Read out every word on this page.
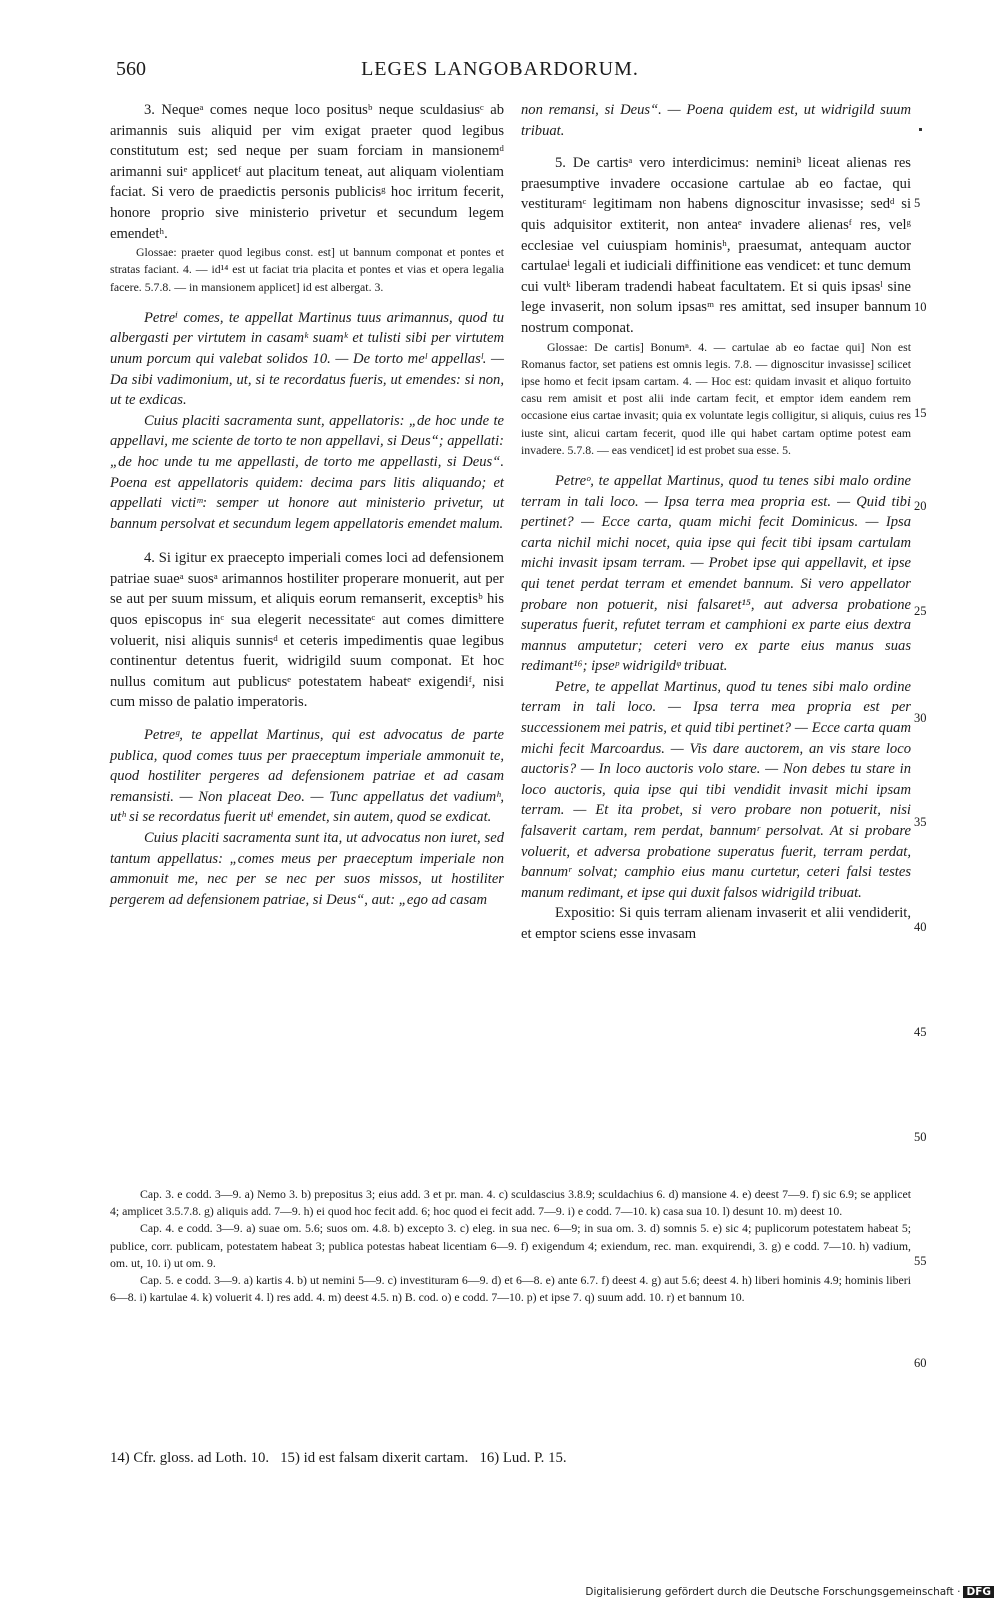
560	LEGES LANGOBARDORUM.

3. Nequeᵃ comes neque loco positusᵇ neque sculdasiusᶜ ab arimannis suis aliquid per vim exigat praeter quod legibus constitutum est; sed neque per suam forciam in mansionemᵈ arimanni suiᵉ applicetᶠ aut placitum teneat, aut aliquam violentiam faciat. Si vero de praedictis personis publicisᵍ hoc irritum fecerit, honore proprio sive ministerio privetur et secundum legem emendetʰ.

Glossae: praeter quod legibus const. est] ut bannum componat et pontes et stratas faciant. 4. — id¹⁴ est ut faciat tria placita et pontes et vias et opera legalia facere. 5.7.8. — in mansionem applicet] id est albergat. 3.

Petreⁱ comes, te appellat Martinus tuus arimannus, quod tu albergasti per virtutem in casamᵏ suamᵏ et tulisti sibi per virtutem unum porcum qui valebat solidos 10. — De torto meˡ appellasˡ. — Da sibi vadimonium, ut, si te recordatus fueris, ut emendes: si non, ut te exdicas.

Cuius placiti sacramenta sunt, appellatoris: „de hoc unde te appellavi, me sciente de torto te non appellavi, si Deus“; appellati: „de hoc unde tu me appellasti, de torto me appellasti, si Deus“. Poena est appellatoris quidem: decima pars litis aliquando; et appellati victiᵐ: semper ut honore aut ministerio privetur, ut bannum persolvat et secundum legem appellatoris emendet malum.

4. Si igitur ex praecepto imperiali comes loci ad defensionem patriae suaeᵃ suosᵃ arimannos hostiliter properare monuerit, aut per se aut per suum missum, et aliquis eorum remanserit, exceptisᵇ his quos episcopus inᶜ sua elegerit necessitateᶜ aut comes dimittere voluerit, nisi aliquis sunnisᵈ et ceteris impedimentis quae legibus continentur detentus fuerit, widrigild suum componat. Et hoc nullus comitum aut publicusᵉ potestatem habeatᵉ exigendiᶠ, nisi cum misso de palatio imperatoris.

Petreᵍ, te appellat Martinus, qui est advocatus de parte publica, quod comes tuus per praeceptum imperiale ammonuit te, quod hostiliter pergeres ad defensionem patriae et ad casam remansisti. — Non placeat Deo. — Tunc appellatus det vadiumʰ, utʰ si se recordatus fuerit utⁱ emendet, sin autem, quod se exdicat.

Cuius placiti sacramenta sunt ita, ut advocatus non iuret, sed tantum appellatus: „comes meus per praeceptum imperiale non ammonuit me, nec per se nec per suos missos, ut hostiliter pergerem ad defensionem patriae, si Deus“, aut: „ego ad casam

non remansi, si Deus“. — Poena quidem est, ut widrigild suum tribuat.

5. De cartisᵃ vero interdicimus: neminiᵇ liceat alienas res praesumptive invadere occasione cartulae ab eo factae, qui vestituramᶜ legitimam non habens dignoscitur invasisse; sedᵈ si quis adquisitor extiterit, non anteaᵉ invadere alienasᶠ res, velᵍ ecclesiae vel cuiuspiam hominisʰ, praesumat, antequam auctor cartulaeⁱ legali et iudiciali diffinitione eas vendicet: et tunc demum cui vultᵏ liberam tradendi habeat facultatem. Et si quis ipsasˡ sine lege invaserit, non solum ipsasᵐ res amittat, sed insuper bannum nostrum componat.

Glossae: De cartis] Bonumⁿ. 4. — cartulae ab eo factae qui] Non est Romanus factor, set patiens est omnis legis. 7.8. — dignoscitur invasisse] scilicet ipse homo et fecit ipsam cartam. 4. — Hoc est: quidam invasit et aliquo fortuito casu rem amisit et post alii inde cartam fecit, et emptor idem eandem rem occasione eius cartae invasit; quia ex voluntate legis colligitur, si aliquis, cuius res iuste sint, alicui cartam fecerit, quod ille qui habet cartam optime potest eam invadere. 5.7.8. — eas vendicet] id est probet sua esse. 5.

Petreᵒ, te appellat Martinus, quod tu tenes sibi malo ordine terram in tali loco. — Ipsa terra mea propria est. — Quid tibi pertinet? — Ecce carta, quam michi fecit Dominicus. — Ipsa carta nichil michi nocet, quia ipse qui fecit tibi ipsam cartulam michi invasit ipsam terram. — Probet ipse qui appellavit, et ipse qui tenet perdat terram et emendet bannum. Si vero appellator probare non potuerit, nisi falsaret¹⁵, aut adversa probatione superatus fuerit, refutet terram et camphioni ex parte eius dextra mannus amputetur; ceteri vero ex parte eius manus suas redimant¹⁶; ipseᵖ widrigildᵠ tribuat.

Petre, te appellat Martinus, quod tu tenes sibi malo ordine terram in tali loco. — Ipsa terra mea propria est per successionem mei patris, et quid tibi pertinet? — Ecce carta quam michi fecit Marcoardus. — Vis dare auctorem, an vis stare loco auctoris? — In loco auctoris volo stare. — Non debes tu stare in loco auctoris, quia ipse qui tibi vendidit invasit michi ipsam terram. — Et ita probet, si vero probare non potuerit, nisi falsaverit cartam, rem perdat, bannumʳ persolvat. At si probare voluerit, et adversa probatione superatus fuerit, terram perdat, bannumʳ solvat; camphio eius manu curtetur, ceteri falsi testes manum redimant, et ipse qui duxit falsos widrigild tribuat.

Expositio: Si quis terram alienam invaserit et alii vendiderit, et emptor sciens esse invasam

5
10
15
20
25
30
35
40
45
50
55
60

Cap. 3. e codd. 3—9. a) Nemo 3. b) prepositus 3; eius add. 3 et pr. man. 4. c) sculdascius 3.8.9; sculdachius 6. d) mansione 4. e) deest 7—9. f) sic 6.9; se applicet 4; amplicet 3.5.7.8. g) aliquis add. 7—9. h) ei quod hoc fecit add. 6; hoc quod ei fecit add. 7—9. i) e codd. 7—10. k) casa sua 10. l) desunt 10. m) deest 10.

Cap. 4. e codd. 3—9. a) suae om. 5.6; suos om. 4.8. b) excepto 3. c) eleg. in sua nec. 6—9; in sua om. 3. d) somnis 5. e) sic 4; puplicorum potestatem habeat 5; publice, corr. publicam, potestatem habeat 3; publica potestas habeat licentiam 6—9. f) exigendum 4; exiendum, rec. man. exquirendi, 3. g) e codd. 7—10. h) vadium, om. ut, 10. i) ut om. 9.

Cap. 5. e codd. 3—9. a) kartis 4. b) ut nemini 5—9. c) investituram 6—9. d) et 6—8. e) ante 6.7. f) deest 4. g) aut 5.6; deest 4. h) liberi hominis 4.9; hominis liberi 6—8. i) kartulae 4. k) voluerit 4. l) res add. 4. m) deest 4.5. n) B. cod. o) e codd. 7—10. p) et ipse 7. q) suum add. 10. r) et bannum 10.

14) Cfr. gloss. ad Loth. 10.   15) id est falsam dixerit cartam.   16) Lud. P. 15.
Digitalisierung gefördert durch die Deutsche Forschungsgemeinschaft · DFG
